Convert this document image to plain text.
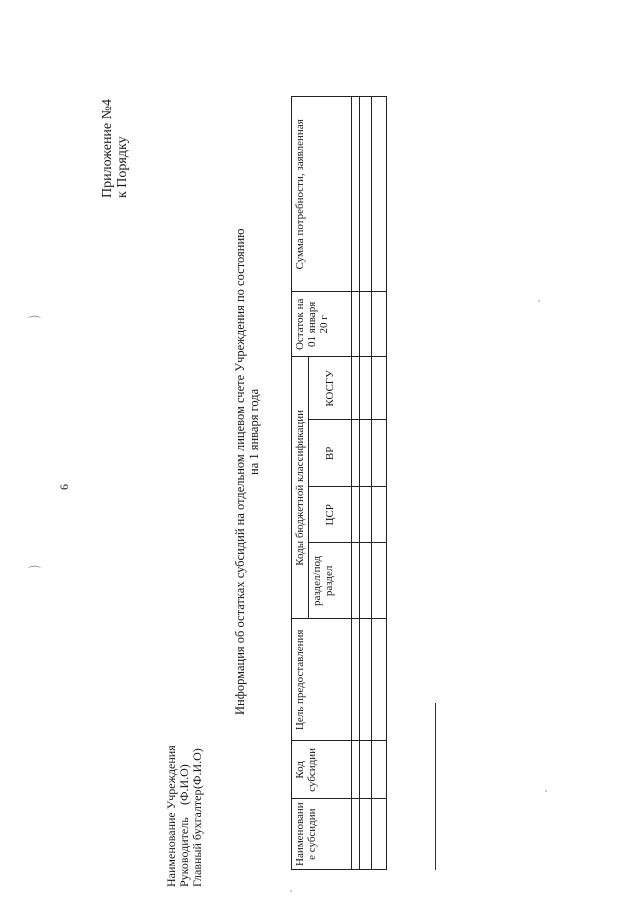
⌒
⌒
6
Приложение №4 к Порядку
Информация об остатках субсидий на отдельном лицевом счете Учреждения по состоянию на 1 января года
Наименование Учреждения Руководитель
(Ф.И.О)
Главный бухгалтер
(Ф.И.О)
Наименовани е субсидии	Код субсидии	Цель предоставления	Коды бюджетной классификации				Остаток на 01 января 20 г	Сумма потребности, заявленная
			раздел/под раздел	ЦСР	ВР	КОСГУ		
